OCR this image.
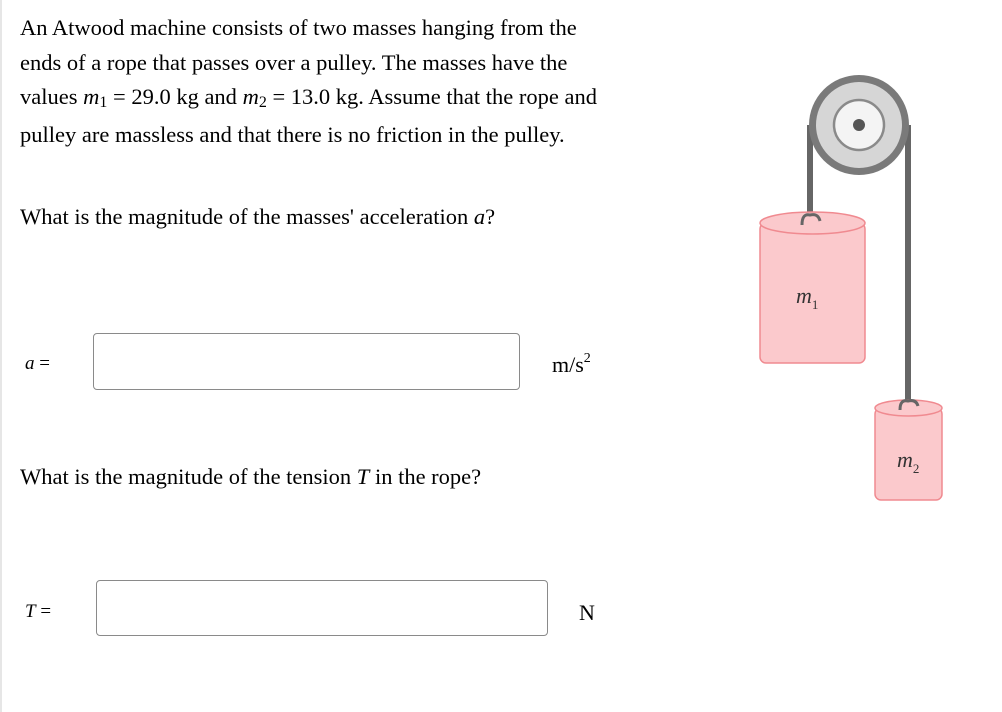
An Atwood machine consists of two masses hanging from the ends of a rope that passes over a pulley. The masses have the values m1 = 29.0 kg and m2 = 13.0 kg. Assume that the rope and pulley are massless and that there is no friction in the pulley.

What is the magnitude of the masses' acceleration a?

a =	$m/s^2$

What is the magnitude of the tension T in the rope?

T =	N
$m_1$
$m_2$
